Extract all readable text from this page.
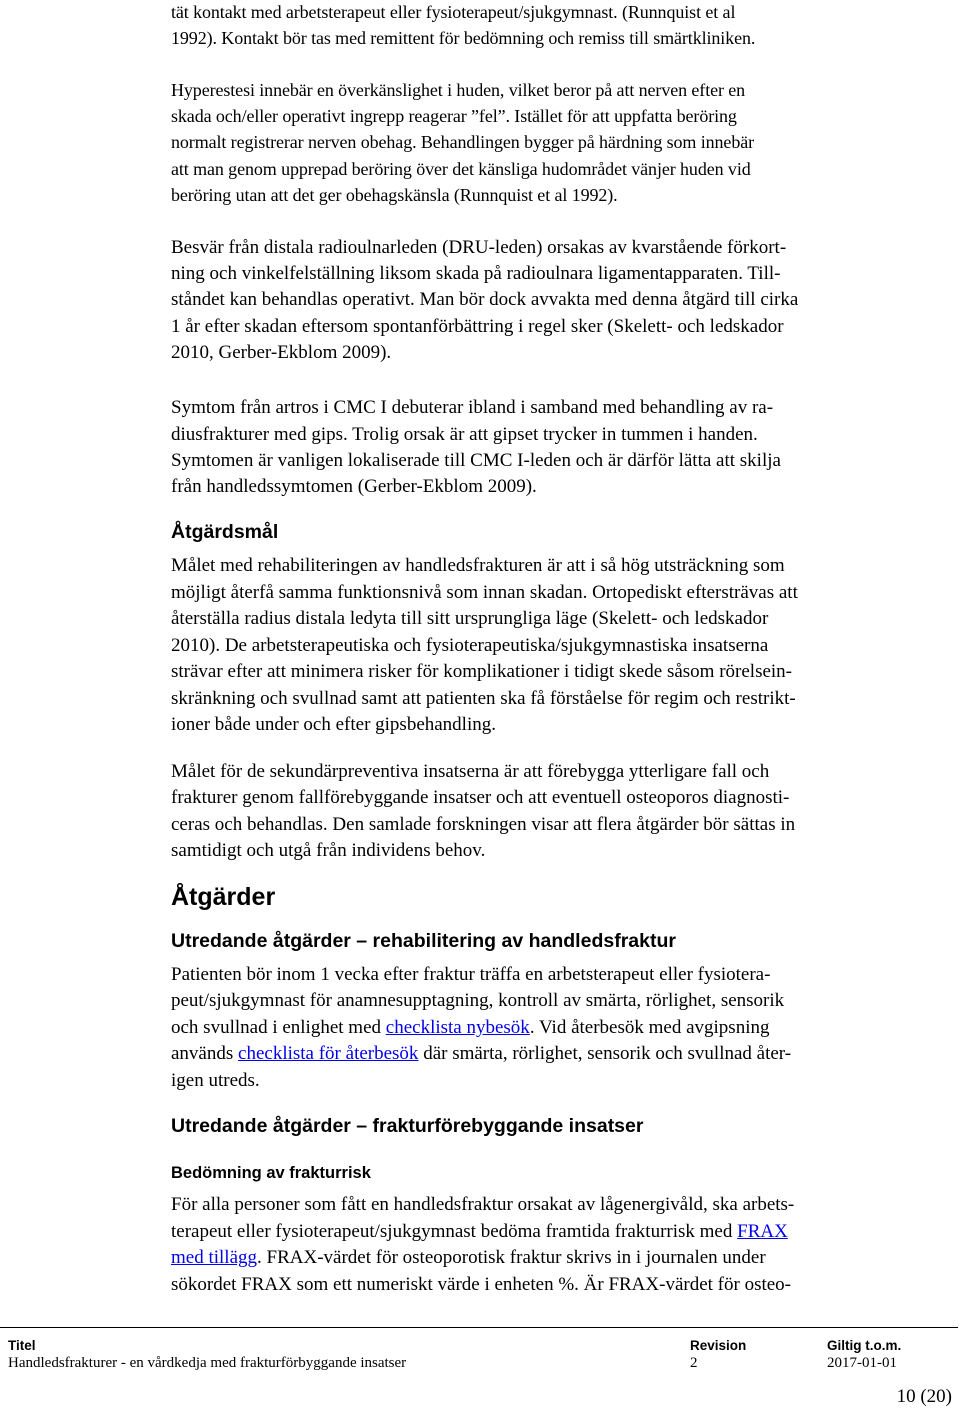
tät kontakt med arbetsterapeut eller fysioterapeut/sjukgymnast. (Runnquist et al
1992). Kontakt bör tas med remittent för bedömning och remiss till smärtkliniken.
Hyperestesi innebär en överkänslighet i huden, vilket beror på att nerven efter en
skada och/eller operativt ingrepp reagerar ”fel”. Istället för att uppfatta beröring
normalt registrerar nerven obehag. Behandlingen bygger på härdning som innebär
att man genom upprepad beröring över det känsliga hudområdet vänjer huden vid
beröring utan att det ger obehagskänsla (Runnquist et al 1992).
Besvär från distala radioulnarleden (DRU-leden) orsakas av kvarstående förkort-
ning och vinkelfelställning liksom skada på radioulnara ligamentapparaten. Till-
ståndet kan behandlas operativt. Man bör dock avvakta med denna åtgärd till cirka
1 år efter skadan eftersom spontanförbättring i regel sker (Skelett- och ledskador
2010, Gerber-Ekblom 2009).
Symtom från artros i CMC I debuterar ibland i samband med behandling av ra-
diusfrakturer med gips. Trolig orsak är att gipset trycker in tummen i handen.
Symtomen är vanligen lokaliserade till CMC I-leden och är därför lätta att skilja
från handledssymtomen (Gerber-Ekblom 2009).
Åtgärdsmål
Målet med rehabiliteringen av handledsfrakturen är att i så hög utsträckning som
möjligt återfå samma funktionsnivå som innan skadan. Ortopediskt eftersträvas att
återställa radius distala ledyta till sitt ursprungliga läge (Skelett- och ledskador
2010). De arbetsterapeutiska och fysioterapeutiska/sjukgymnastiska insatserna
strävar efter att minimera risker för komplikationer i tidigt skede såsom rörelsein-
skränkning och svullnad samt att patienten ska få förståelse för regim och restrikt-
ioner både under och efter gipsbehandling.
Målet för de sekundärpreventiva insatserna är att förebygga ytterligare fall och
frakturer genom fallförebyggande insatser och att eventuell osteoporos diagnosti-
ceras och behandlas. Den samlade forskningen visar att flera åtgärder bör sättas in
samtidigt och utgå från individens behov.
Åtgärder
Utredande åtgärder – rehabilitering av handledsfraktur
Patienten bör inom 1 vecka efter fraktur träffa en arbetsterapeut eller fysiotera-
peut/sjukgymnast för anamnesupptagning, kontroll av smärta, rörlighet, sensorik
och svullnad i enlighet med checklista nybesök. Vid återbesök med avgipsning
används checklista för återbesök där smärta, rörlighet, sensorik och svullnad åter-
igen utreds.
Utredande åtgärder – frakturförebyggande insatser
Bedömning av frakturrisk
För alla personer som fått en handledsfraktur orsakat av lågenergivåld, ska arbets-
terapeut eller fysioterapeut/sjukgymnast bedöma framtida frakturrisk med FRAX
med tillägg. FRAX-värdet för osteoporotisk fraktur skrivs in i journalen under
sökordet FRAX som ett numeriskt värde i enheten %. Är FRAX-värdet för osteo-
Titel
Handledsfrakturer - en vårdkedja med frakturförbyggande insatser
Revision
2
Giltig t.o.m.
2017-01-01
10 (20)
